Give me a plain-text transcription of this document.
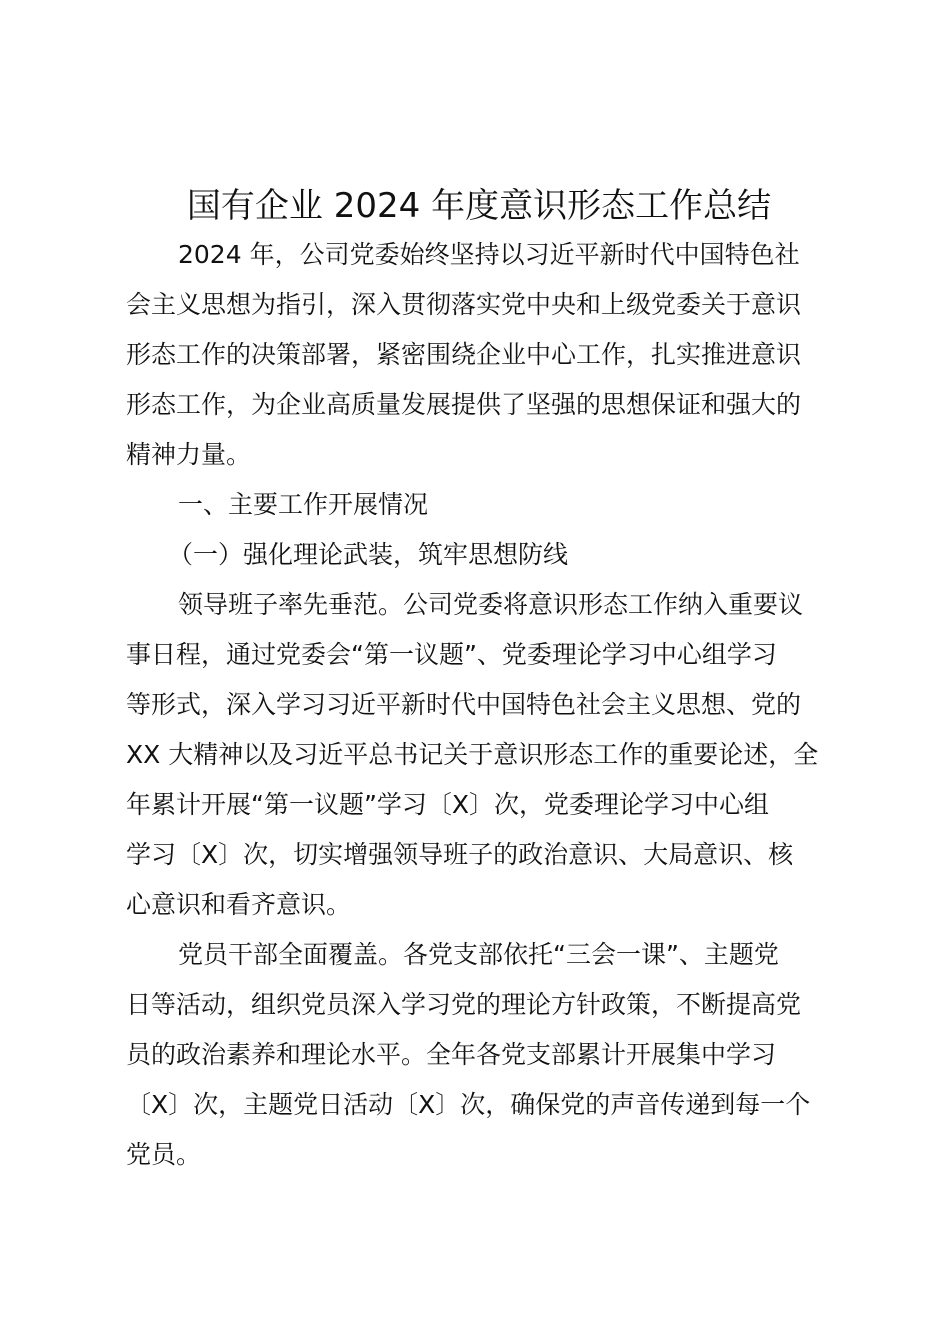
国有企业 2024 年度意识形态工作总结

2024 年，公司党委始终坚持以习近平新时代中国特色社

会主义思想为指引，深入贯彻落实党中央和上级党委关于意识

形态工作的决策部署，紧密围绕企业中心工作，扎实推进意识

形态工作，为企业高质量发展提供了坚强的思想保证和强大的

精神力量。

一、主要工作开展情况

（一）强化理论武装，筑牢思想防线

领导班子率先垂范。公司党委将意识形态工作纳入重要议

事日程，通过党委会“第一议题”、党委理论学习中心组学习

等形式，深入学习习近平新时代中国特色社会主义思想、党的

XX 大精神以及习近平总书记关于意识形态工作的重要论述，全

年累计开展“第一议题”学习〔X〕次，党委理论学习中心组

学习〔X〕次，切实增强领导班子的政治意识、大局意识、核

心意识和看齐意识。

党员干部全面覆盖。各党支部依托“三会一课”、主题党

日等活动，组织党员深入学习党的理论方针政策，不断提高党

员的政治素养和理论水平。全年各党支部累计开展集中学习

〔X〕次，主题党日活动〔X〕次，确保党的声音传递到每一个

党员。
